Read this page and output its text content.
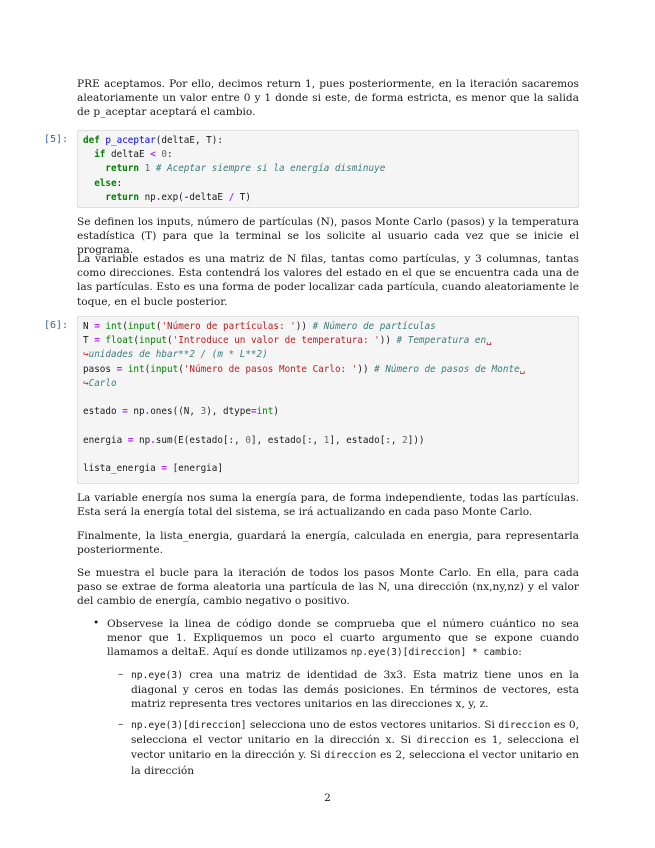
PRE aceptamos. Por ello, decimos return 1, pues posteriormente, en la iteración sacaremos aleatoriamente un valor entre 0 y 1 donde si este, de forma estricta, es menor que la salida de p_aceptar aceptará el cambio.

[5]: def p_aceptar(deltaE, T):
if deltaE < 0:
return 1 # Aceptar siempre si la energía disminuye
else:
return np.exp(-deltaE / T)

Se definen los inputs, número de partículas (N), pasos Monte Carlo (pasos) y la temperatura estadística (T) para que la terminal se los solicite al usuario cada vez que se inicie el programa.

La variable estados es una matriz de N filas, tantas como partículas, y 3 columnas, tantas como direcciones. Esta contendrá los valores del estado en el que se encuentra cada una de las partículas. Esto es una forma de poder localizar cada partícula, cuando aleatoriamente le toque, en el bucle posterior.

[6]: N = int(input('Número de partículas: ')) # Número de partículas
T = float(input('Introduce un valor de temperatura: ')) # Temperatura en␣
↪unidades de hbar**2 / (m * L**2)
pasos = int(input('Número de pasos Monte Carlo: ')) # Número de pasos de Monte␣
↪Carlo

estado = np.ones((N, 3), dtype=int)

energia = np.sum(E(estado[:, 0], estado[:, 1], estado[:, 2]))

lista_energia = [energia]

La variable energía nos suma la energía para, de forma independiente, todas las partículas. Esta será la energía total del sistema, se irá actualizando en cada paso Monte Carlo.

Finalmente, la lista_energia, guardará la energía, calculada en energia, para representarla posteriormente.

Se muestra el bucle para la iteración de todos los pasos Monte Carlo. En ella, para cada paso se extrae de forma aleatoria una partícula de las N, una dirección (nx,ny,nz) y el valor del cambio de energía, cambio negativo o positivo.

• Observese la linea de código donde se comprueba que el número cuántico no sea menor que 1. Expliquemos un poco el cuarto argumento que se expone cuando llamamos a deltaE. Aquí es donde utilizamos np.eye(3)[direccion] * cambio:

– np.eye(3) crea una matriz de identidad de 3x3. Esta matriz tiene unos en la diagonal y ceros en todas las demás posiciones. En términos de vectores, esta matriz representa tres vectores unitarios en las direcciones x, y, z.

– np.eye(3)[direccion] selecciona uno de estos vectores unitarios. Si direccion es 0, selecciona el vector unitario en la dirección x. Si direccion es 1, selecciona el vector unitario en la dirección y. Si direccion es 2, selecciona el vector unitario en la dirección

2
